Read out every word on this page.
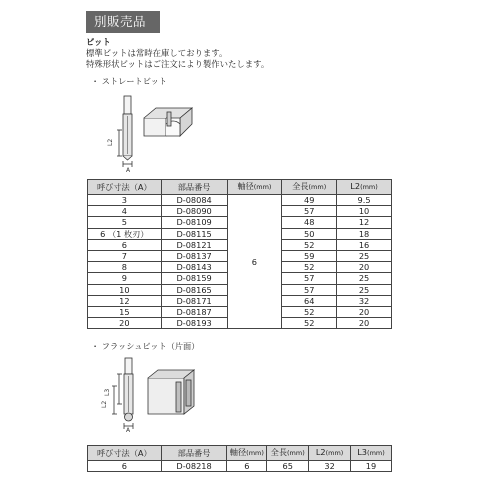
別販売品
ビット
標準ビットは常時在庫しております。
特殊形状ビットはご注文により製作いたします。
・ ストレートビット
L2
A
呼び寸法（A）	部品番号	軸径(mm)	全長(mm)	L2(mm)
3	D-08084	6	49	9.5
4	D-08090		57	10
5	D-08109		48	12
6 （1 枚刃）	D-08115		50	18
6	D-08121		52	16
7	D-08137		59	25
8	D-08143		52	20
9	D-08159		57	25
10	D-08165		57	25
12	D-08171		64	32
15	D-08187		52	20
20	D-08193		52	20
・ フラッシュビット（片面）
L3
L2
A
呼び寸法（A）	部品番号	軸径(mm)	全長(mm)	L2(mm)	L3(mm)
6	D-08218	6	65	32	19
